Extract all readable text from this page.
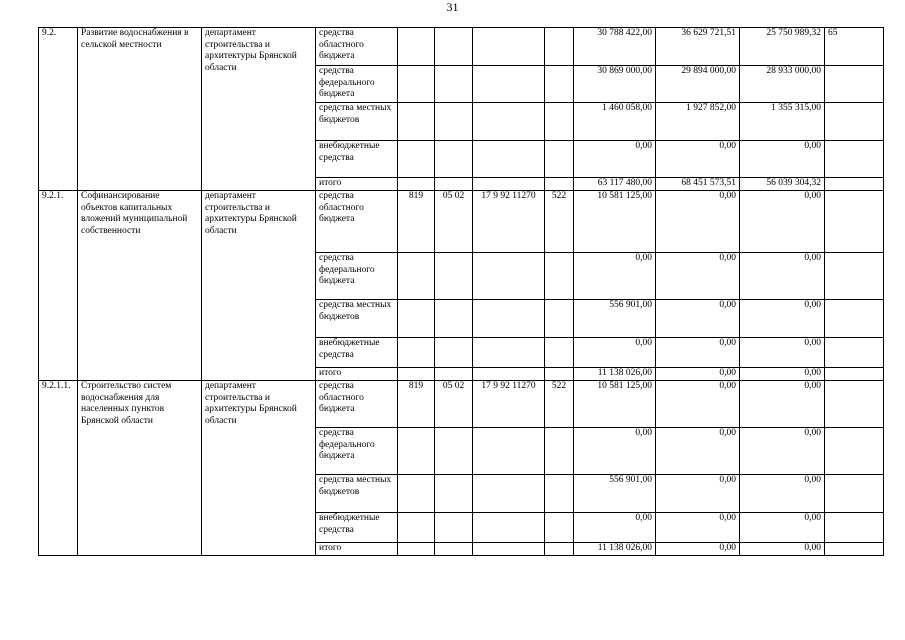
31
9.2.	Развитие водоснабжения в сельской местности	департамент строительства и архитектуры Брянской области	средства областного бюджета					30 788 422,00	36 629 721,51	25 750 989,32	65
			средства федерального бюджета					30 869 000,00	29 894 000,00	28 933 000,00	
			средства местных бюджетов					1 460 058,00	1 927 852,00	1 355 315,00	
			внебюджетные средства					0,00	0,00	0,00	
			итого					63 117 480,00	68 451 573,51	56 039 304,32	
9.2.1.	Софинансирование объектов капитальных вложений муниципальной собственности	департамент строительства и архитектуры Брянской области	средства областного бюджета	819	05 02	17 9 92 11270	522	10 581 125,00	0,00	0,00	
			средства федерального бюджета					0,00	0,00	0,00	
			средства местных бюджетов					556 901,00	0,00	0,00	
			внебюджетные средства					0,00	0,00	0,00	
			итого					11 138 026,00	0,00	0,00	
9.2.1.1.	Строительство систем водоснабжения для населенных пунктов Брянской области	департамент строительства и архитектуры Брянской области	средства областного бюджета	819	05 02	17 9 92 11270	522	10 581 125,00	0,00	0,00	
			средства федерального бюджета					0,00	0,00	0,00	
			средства местных бюджетов					556 901,00	0,00	0,00	
			внебюджетные средства					0,00	0,00	0,00	
			итого					11 138 026,00	0,00	0,00	
